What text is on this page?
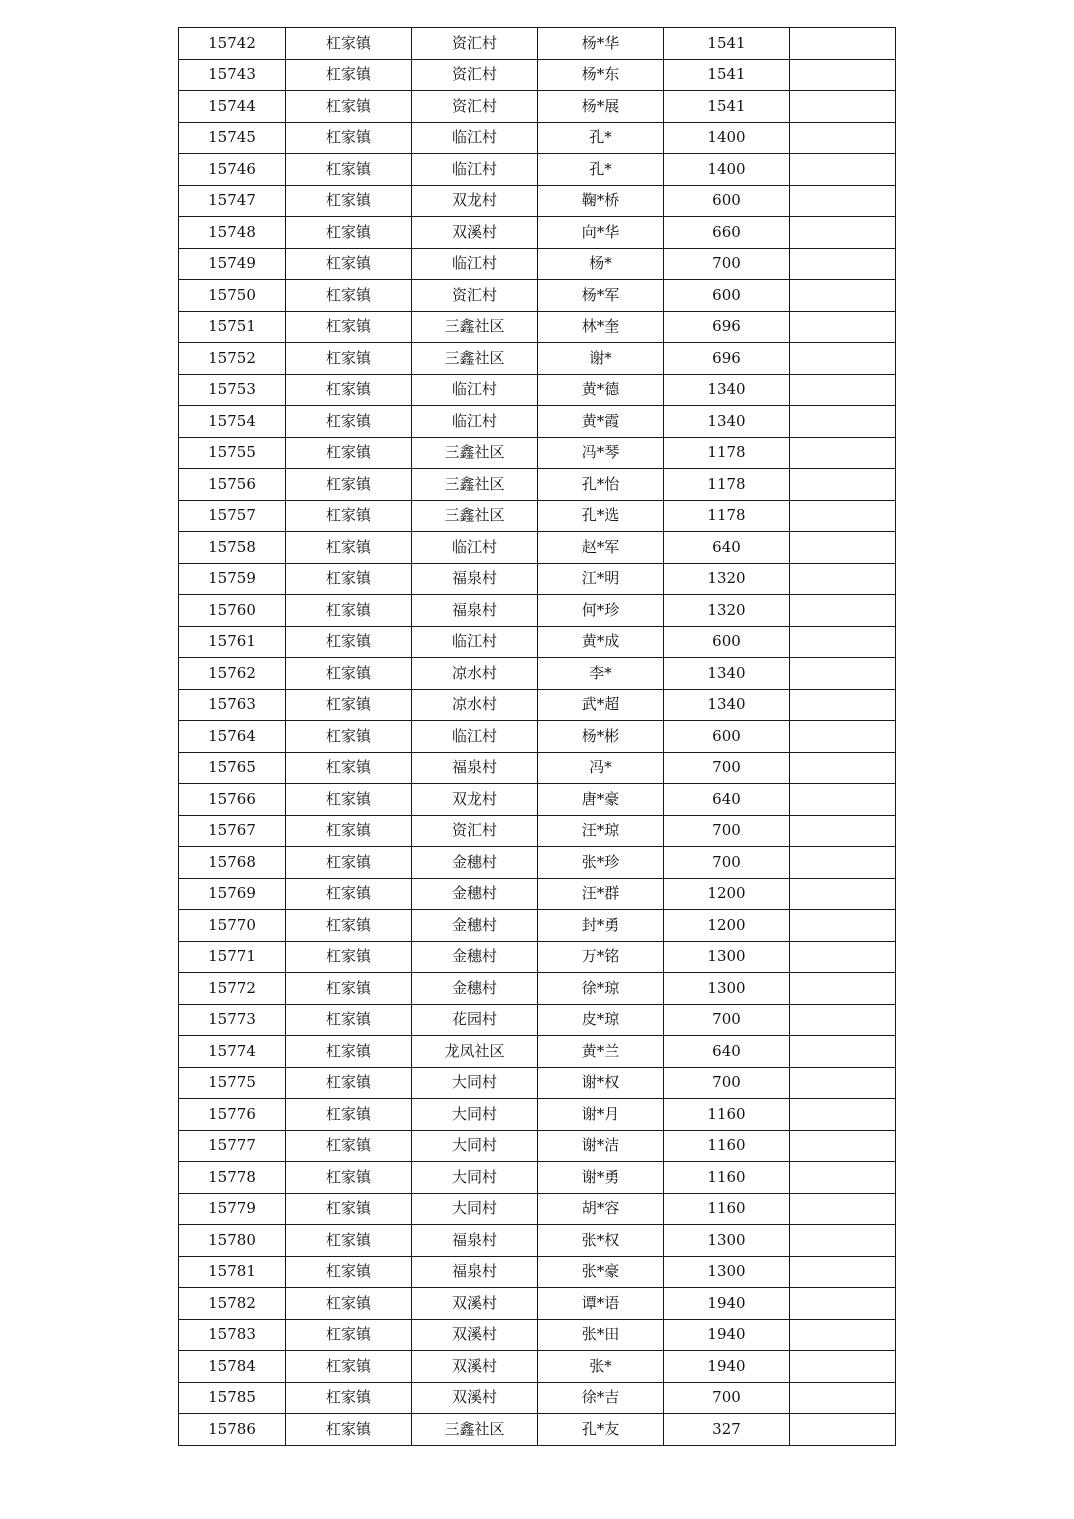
15742	杠家镇	资汇村	杨*华	1541	
15743	杠家镇	资汇村	杨*东	1541	
15744	杠家镇	资汇村	杨*展	1541	
15745	杠家镇	临江村	孔*	1400	
15746	杠家镇	临江村	孔*	1400	
15747	杠家镇	双龙村	鞠*桥	600	
15748	杠家镇	双溪村	向*华	660	
15749	杠家镇	临江村	杨*	700	
15750	杠家镇	资汇村	杨*军	600	
15751	杠家镇	三鑫社区	林*奎	696	
15752	杠家镇	三鑫社区	谢*	696	
15753	杠家镇	临江村	黄*德	1340	
15754	杠家镇	临江村	黄*霞	1340	
15755	杠家镇	三鑫社区	冯*琴	1178	
15756	杠家镇	三鑫社区	孔*怡	1178	
15757	杠家镇	三鑫社区	孔*选	1178	
15758	杠家镇	临江村	赵*军	640	
15759	杠家镇	福泉村	江*明	1320	
15760	杠家镇	福泉村	何*珍	1320	
15761	杠家镇	临江村	黄*成	600	
15762	杠家镇	凉水村	李*	1340	
15763	杠家镇	凉水村	武*超	1340	
15764	杠家镇	临江村	杨*彬	600	
15765	杠家镇	福泉村	冯*	700	
15766	杠家镇	双龙村	唐*豪	640	
15767	杠家镇	资汇村	汪*琼	700	
15768	杠家镇	金穗村	张*珍	700	
15769	杠家镇	金穗村	汪*群	1200	
15770	杠家镇	金穗村	封*勇	1200	
15771	杠家镇	金穗村	万*铭	1300	
15772	杠家镇	金穗村	徐*琼	1300	
15773	杠家镇	花园村	皮*琼	700	
15774	杠家镇	龙凤社区	黄*兰	640	
15775	杠家镇	大同村	谢*权	700	
15776	杠家镇	大同村	谢*月	1160	
15777	杠家镇	大同村	谢*洁	1160	
15778	杠家镇	大同村	谢*勇	1160	
15779	杠家镇	大同村	胡*容	1160	
15780	杠家镇	福泉村	张*权	1300	
15781	杠家镇	福泉村	张*豪	1300	
15782	杠家镇	双溪村	谭*语	1940	
15783	杠家镇	双溪村	张*田	1940	
15784	杠家镇	双溪村	张*	1940	
15785	杠家镇	双溪村	徐*吉	700	
15786	杠家镇	三鑫社区	孔*友	327	
